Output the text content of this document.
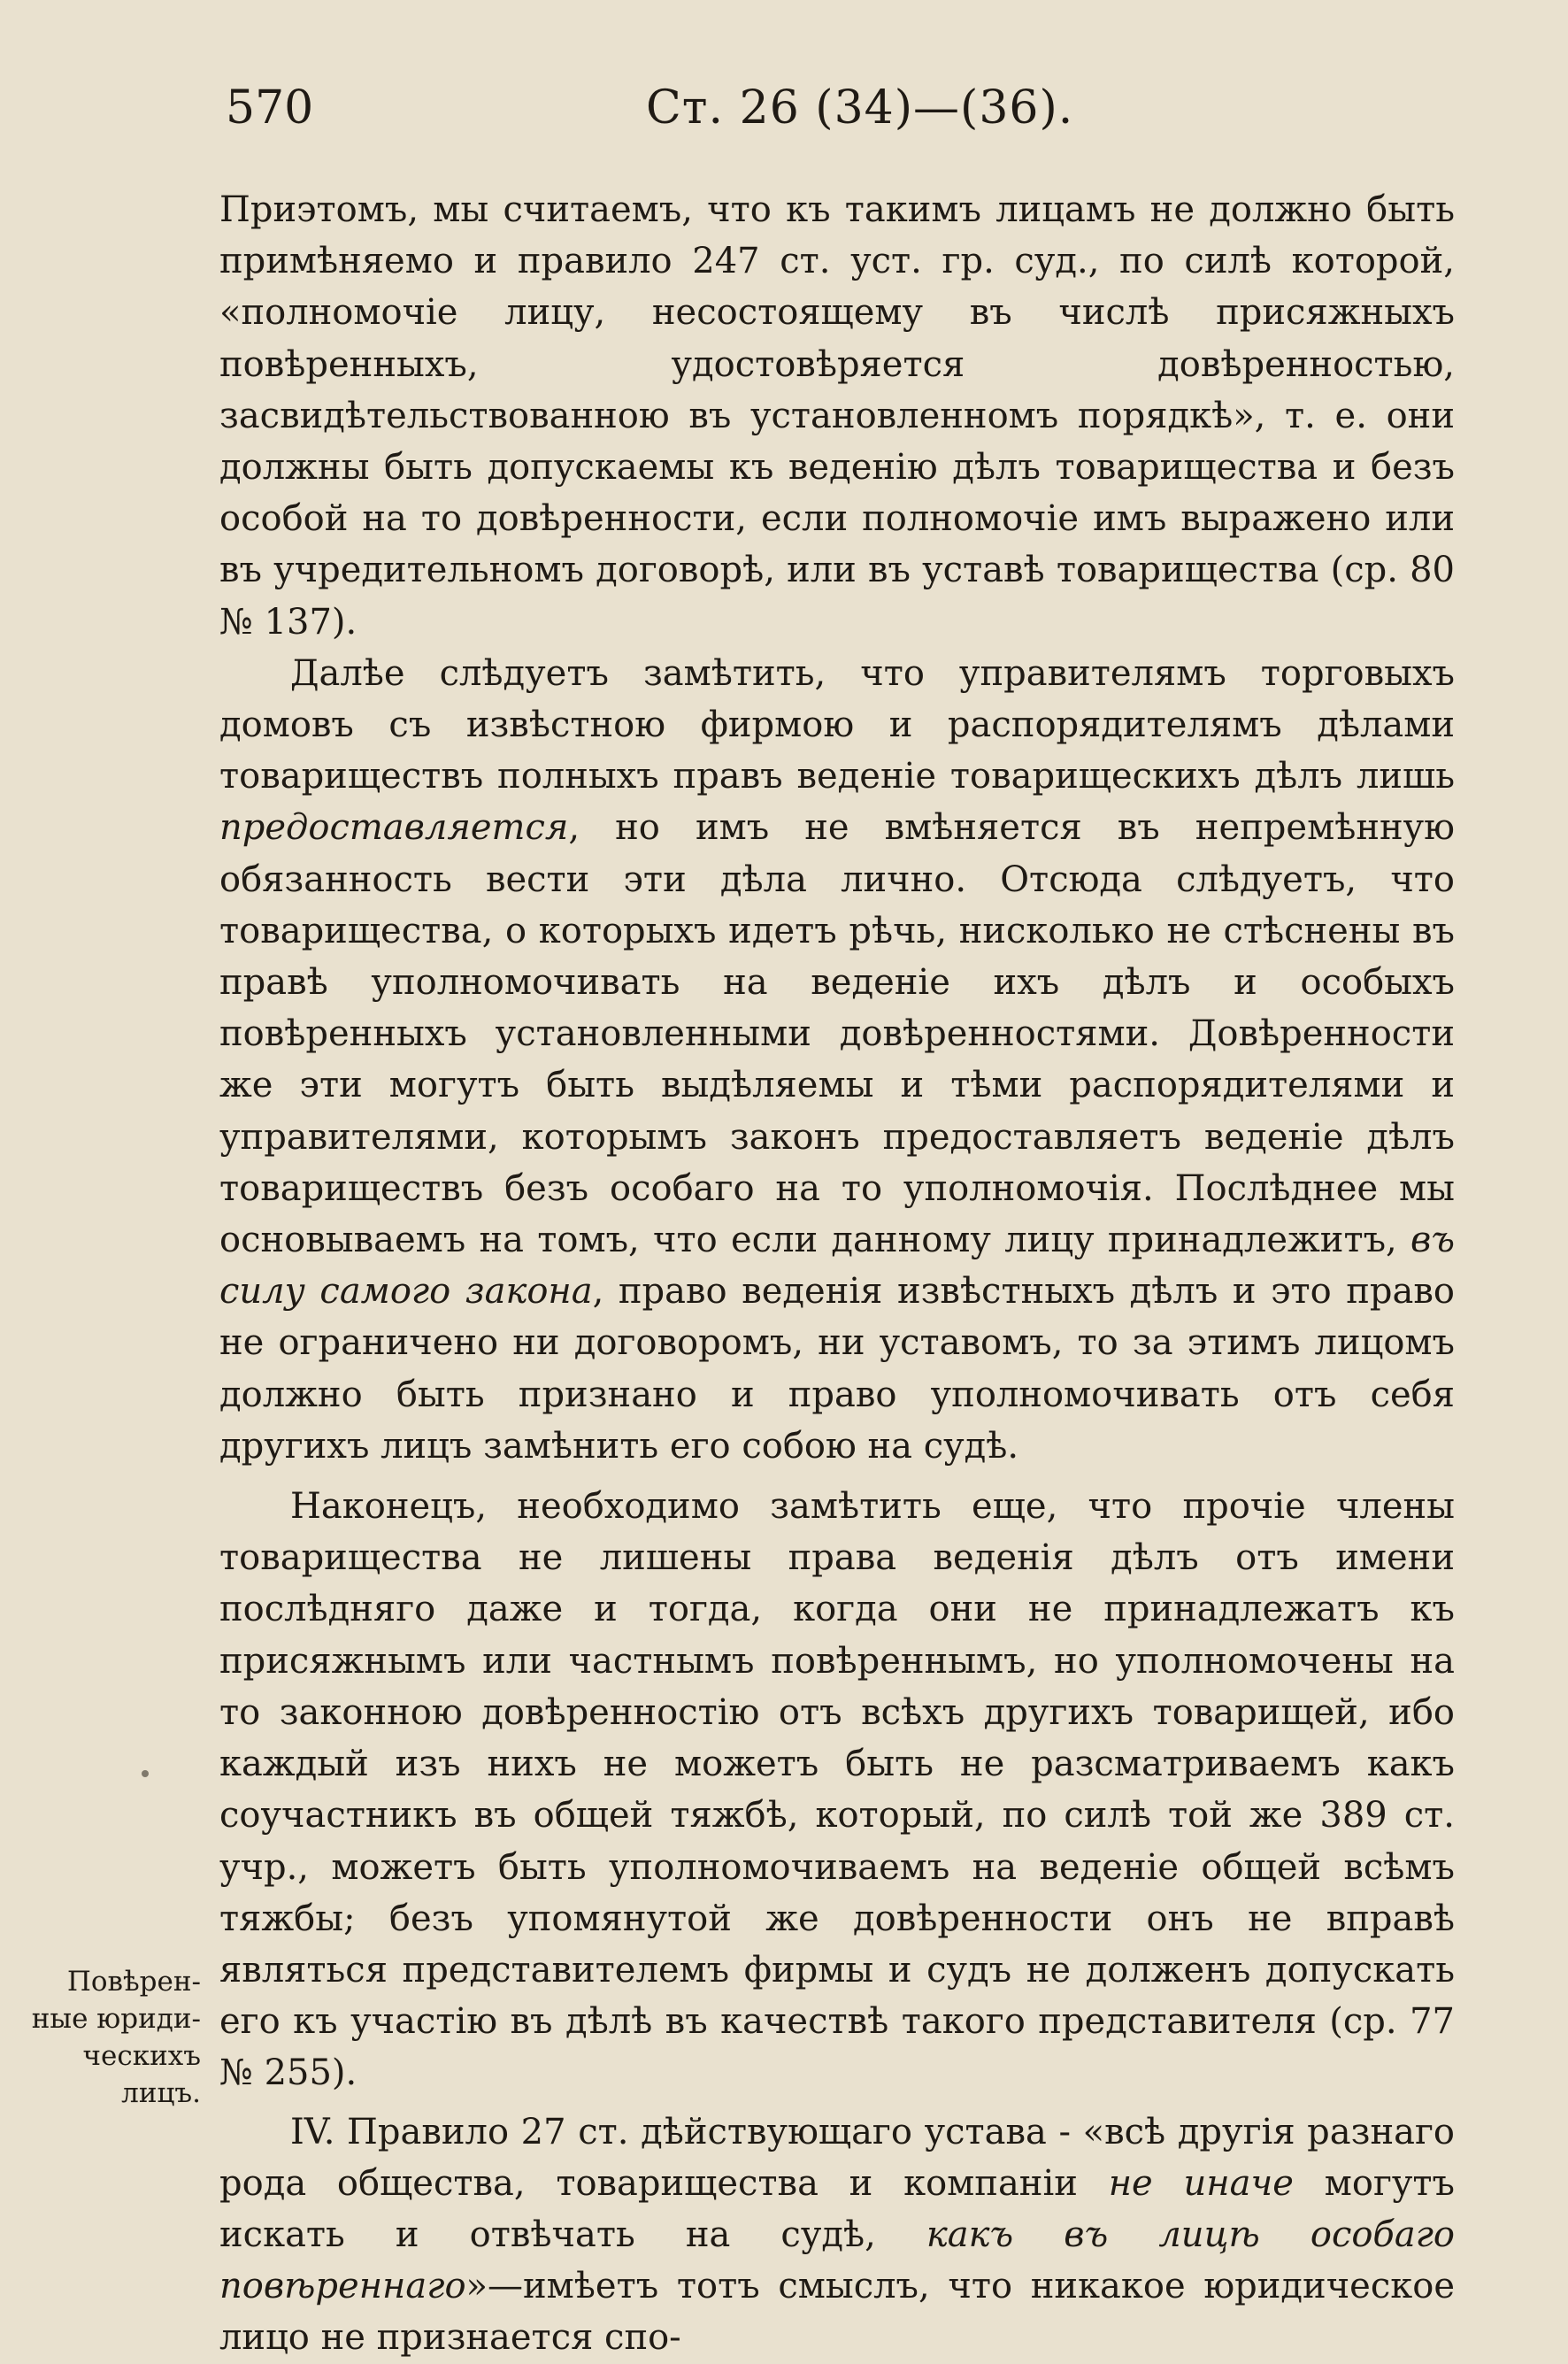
570	Ст. 26 (34)—(36).
Повѣрен-
ные юриди-
ческихъ лицъ.

Приэтомъ, мы считаемъ, что къ такимъ лицамъ не должно быть примѣняемо и правило 247 ст. уст. гр. суд., по силѣ которой, «полномочіе лицу, несостоящему въ числѣ присяжныхъ повѣренныхъ, удостовѣряется довѣренностью, засвидѣтельствованною въ установленномъ порядкѣ», т. е. они должны быть допускаемы къ веденію дѣлъ товарищества и безъ особой на то довѣренности, если полномочіе имъ выражено или въ учредительномъ договорѣ, или въ уставѣ товарищества (ср. 80 № 137).

Далѣе слѣдуетъ замѣтить, что управителямъ торговыхъ домовъ съ извѣстною фирмою и распорядителямъ дѣлами товариществъ полныхъ правъ веденіе товарищескихъ дѣлъ лишь предоставляется, но имъ не вмѣняется въ непремѣнную обязанность вести эти дѣла лично. Отсюда слѣдуетъ, что товарищества, о которыхъ идетъ рѣчь, нисколько не стѣснены въ правѣ уполномочивать на веденіе ихъ дѣлъ и особыхъ повѣренныхъ установленными довѣренностями. Довѣренности же эти могутъ быть выдѣляемы и тѣми распорядителями и управителями, которымъ законъ предоставляетъ веденіе дѣлъ товариществъ безъ особаго на то уполномочія. Послѣднее мы основываемъ на томъ, что если данному лицу принадлежитъ, въ силу самого закона, право веденія извѣстныхъ дѣлъ и это право не ограничено ни договоромъ, ни уставомъ, то за этимъ лицомъ должно быть признано и право уполномочивать отъ себя другихъ лицъ замѣнить его собою на судѣ.

Наконецъ, необходимо замѣтить еще, что прочіе члены товарищества не лишены права веденія дѣлъ отъ имени послѣдняго даже и тогда, когда они не принадлежатъ къ присяжнымъ или частнымъ повѣреннымъ, но уполномочены на то законною довѣренностію отъ всѣхъ другихъ товарищей, ибо каждый изъ нихъ не можетъ быть не разсматриваемъ какъ соучастникъ въ общей тяжбѣ, который, по силѣ той же 389 ст. учр., можетъ быть уполномочиваемъ на веденіе общей всѣмъ тяжбы; безъ упомянутой же довѣренности онъ не вправѣ являться представителемъ фирмы и судъ не долженъ допускать его къ участію въ дѣлѣ въ качествѣ такого представителя (ср. 77 № 255).

IV. Правило 27 ст. дѣйствующаго устава - «всѣ другія разнаго рода общества, товарищества и компаніи не иначе могутъ искать и отвѣчать на судѣ, какъ въ лицѣ особаго повѣреннаго»—имѣетъ тотъ смыслъ, что никакое юридическое лицо не признается спо-
